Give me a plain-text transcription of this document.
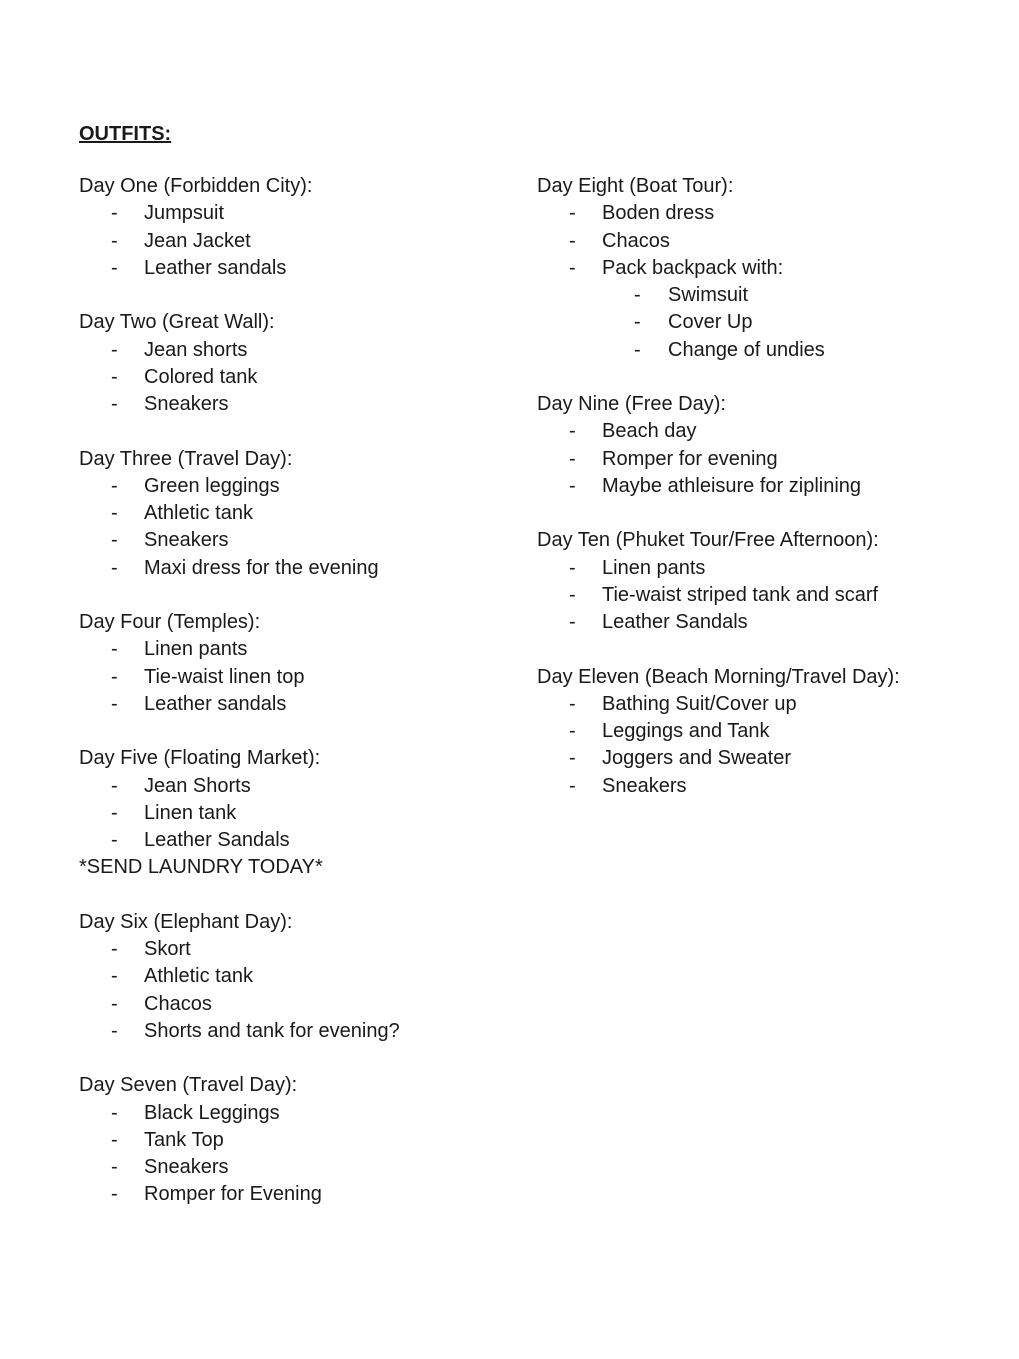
OUTFITS:
Day One (Forbidden City):
- Jumpsuit
- Jean Jacket
- Leather sandals
Day Two (Great Wall):
- Jean shorts
- Colored tank
- Sneakers
Day Three (Travel Day):
- Green leggings
- Athletic tank
- Sneakers
- Maxi dress for the evening
Day Four (Temples):
- Linen pants
- Tie-waist linen top
- Leather sandals
Day Five (Floating Market):
- Jean Shorts
- Linen tank
- Leather Sandals
*SEND LAUNDRY TODAY*
Day Six (Elephant Day):
- Skort
- Athletic tank
- Chacos
- Shorts and tank for evening?
Day Seven (Travel Day):
- Black Leggings
- Tank Top
- Sneakers
- Romper for Evening
Day Eight (Boat Tour):
- Boden dress
- Chacos
- Pack backpack with:
- Swimsuit
- Cover Up
- Change of undies
Day Nine (Free Day):
- Beach day
- Romper for evening
- Maybe athleisure for ziplining
Day Ten (Phuket Tour/Free Afternoon):
- Linen pants
- Tie-waist striped tank and scarf
- Leather Sandals
Day Eleven (Beach Morning/Travel Day):
- Bathing Suit/Cover up
- Leggings and Tank
- Joggers and Sweater
- Sneakers
